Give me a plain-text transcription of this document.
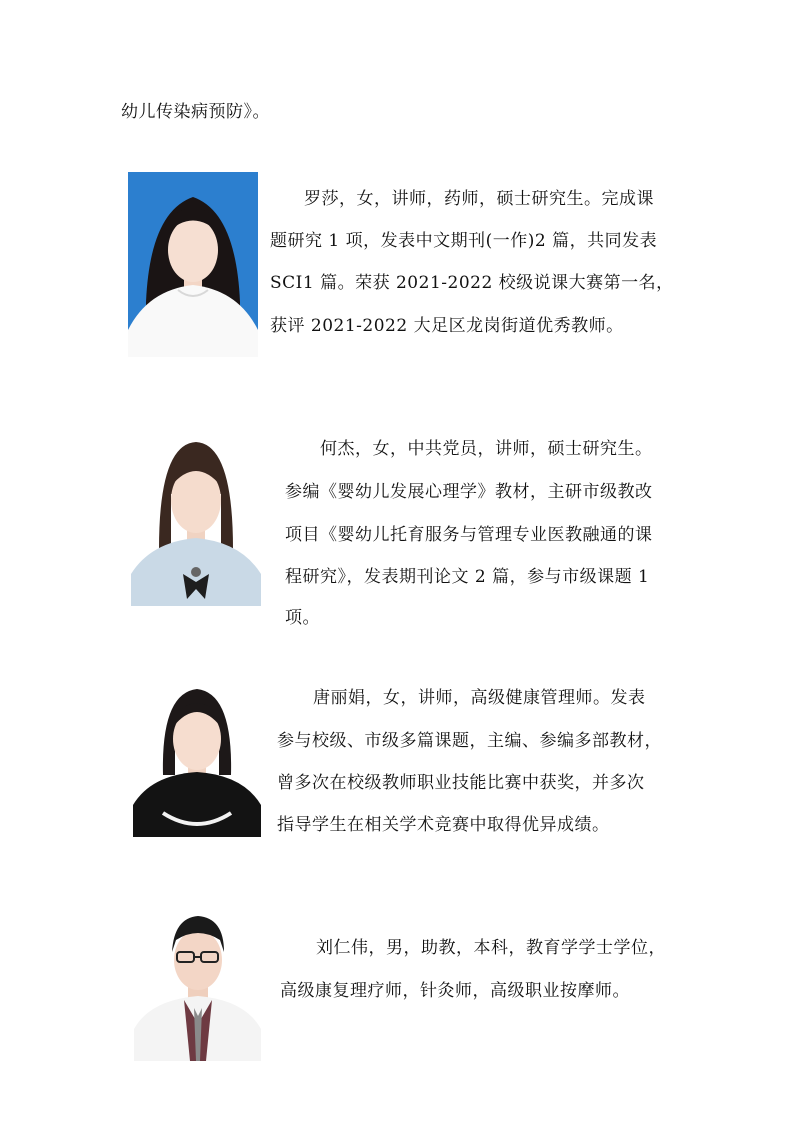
幼儿传染病预防》。
罗莎，女，讲师，药师，硕士研究生。完成课
题研究 1 项，发表中文期刊(一作)2 篇，共同发表
SCI1 篇。荣获 2021-2022 校级说课大赛第一名，
获评 2021-2022 大足区龙岗街道优秀教师。
何杰，女，中共党员，讲师，硕士研究生。
参编《婴幼儿发展心理学》教材，主研市级教改
项目《婴幼儿托育服务与管理专业医教融通的课
程研究》，发表期刊论文 2 篇，参与市级课题 1
项。
唐丽娟，女，讲师，高级健康管理师。发表
参与校级、市级多篇课题，主编、参编多部教材，
曾多次在校级教师职业技能比赛中获奖，并多次
指导学生在相关学术竞赛中取得优异成绩。
刘仁伟，男，助教，本科，教育学学士学位，
高级康复理疗师，针灸师，高级职业按摩师。
